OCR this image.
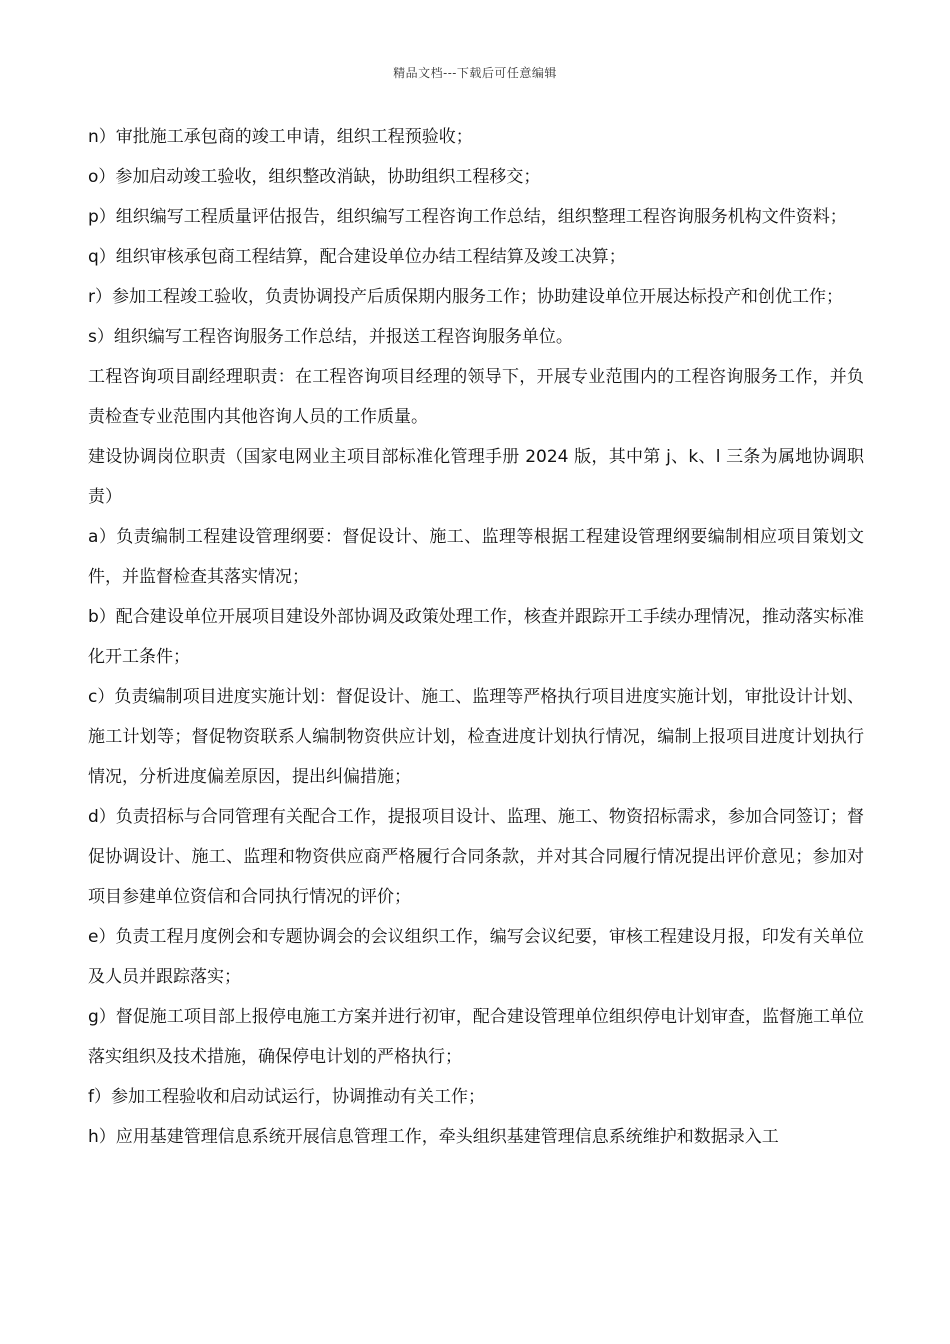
精品文档---下载后可任意编辑

n）审批施工承包商的竣工申请，组织工程预验收；

o）参加启动竣工验收，组织整改消缺，协助组织工程移交；

p）组织编写工程质量评估报告，组织编写工程咨询工作总结，组织整理工程咨询服务机构文件资料；

q）组织审核承包商工程结算，配合建设单位办结工程结算及竣工决算；

r）参加工程竣工验收，负责协调投产后质保期内服务工作；协助建设单位开展达标投产和创优工作；

s）组织编写工程咨询服务工作总结，并报送工程咨询服务单位。

工程咨询项目副经理职责：在工程咨询项目经理的领导下，开展专业范围内的工程咨询服务工作，并负责检查专业范围内其他咨询人员的工作质量。

建设协调岗位职责（国家电网业主项目部标准化管理手册 2024 版，其中第 j、k、l 三条为属地协调职责）

a）负责编制工程建设管理纲要：督促设计、施工、监理等根据工程建设管理纲要编制相应项目策划文件，并监督检查其落实情况；

b）配合建设单位开展项目建设外部协调及政策处理工作，核查并跟踪开工手续办理情况，推动落实标准化开工条件；

c）负责编制项目进度实施计划：督促设计、施工、监理等严格执行项目进度实施计划，审批设计计划、施工计划等；督促物资联系人编制物资供应计划，检查进度计划执行情况，编制上报项目进度计划执行情况，分析进度偏差原因，提出纠偏措施；

d）负责招标与合同管理有关配合工作，提报项目设计、监理、施工、物资招标需求，参加合同签订；督促协调设计、施工、监理和物资供应商严格履行合同条款，并对其合同履行情况提出评价意见；参加对项目参建单位资信和合同执行情况的评价；

e）负责工程月度例会和专题协调会的会议组织工作，编写会议纪要，审核工程建设月报，印发有关单位及人员并跟踪落实；

g）督促施工项目部上报停电施工方案并进行初审，配合建设管理单位组织停电计划审查，监督施工单位落实组织及技术措施，确保停电计划的严格执行；

f）参加工程验收和启动试运行，协调推动有关工作；

h）应用基建管理信息系统开展信息管理工作，牵头组织基建管理信息系统维护和数据录入工
